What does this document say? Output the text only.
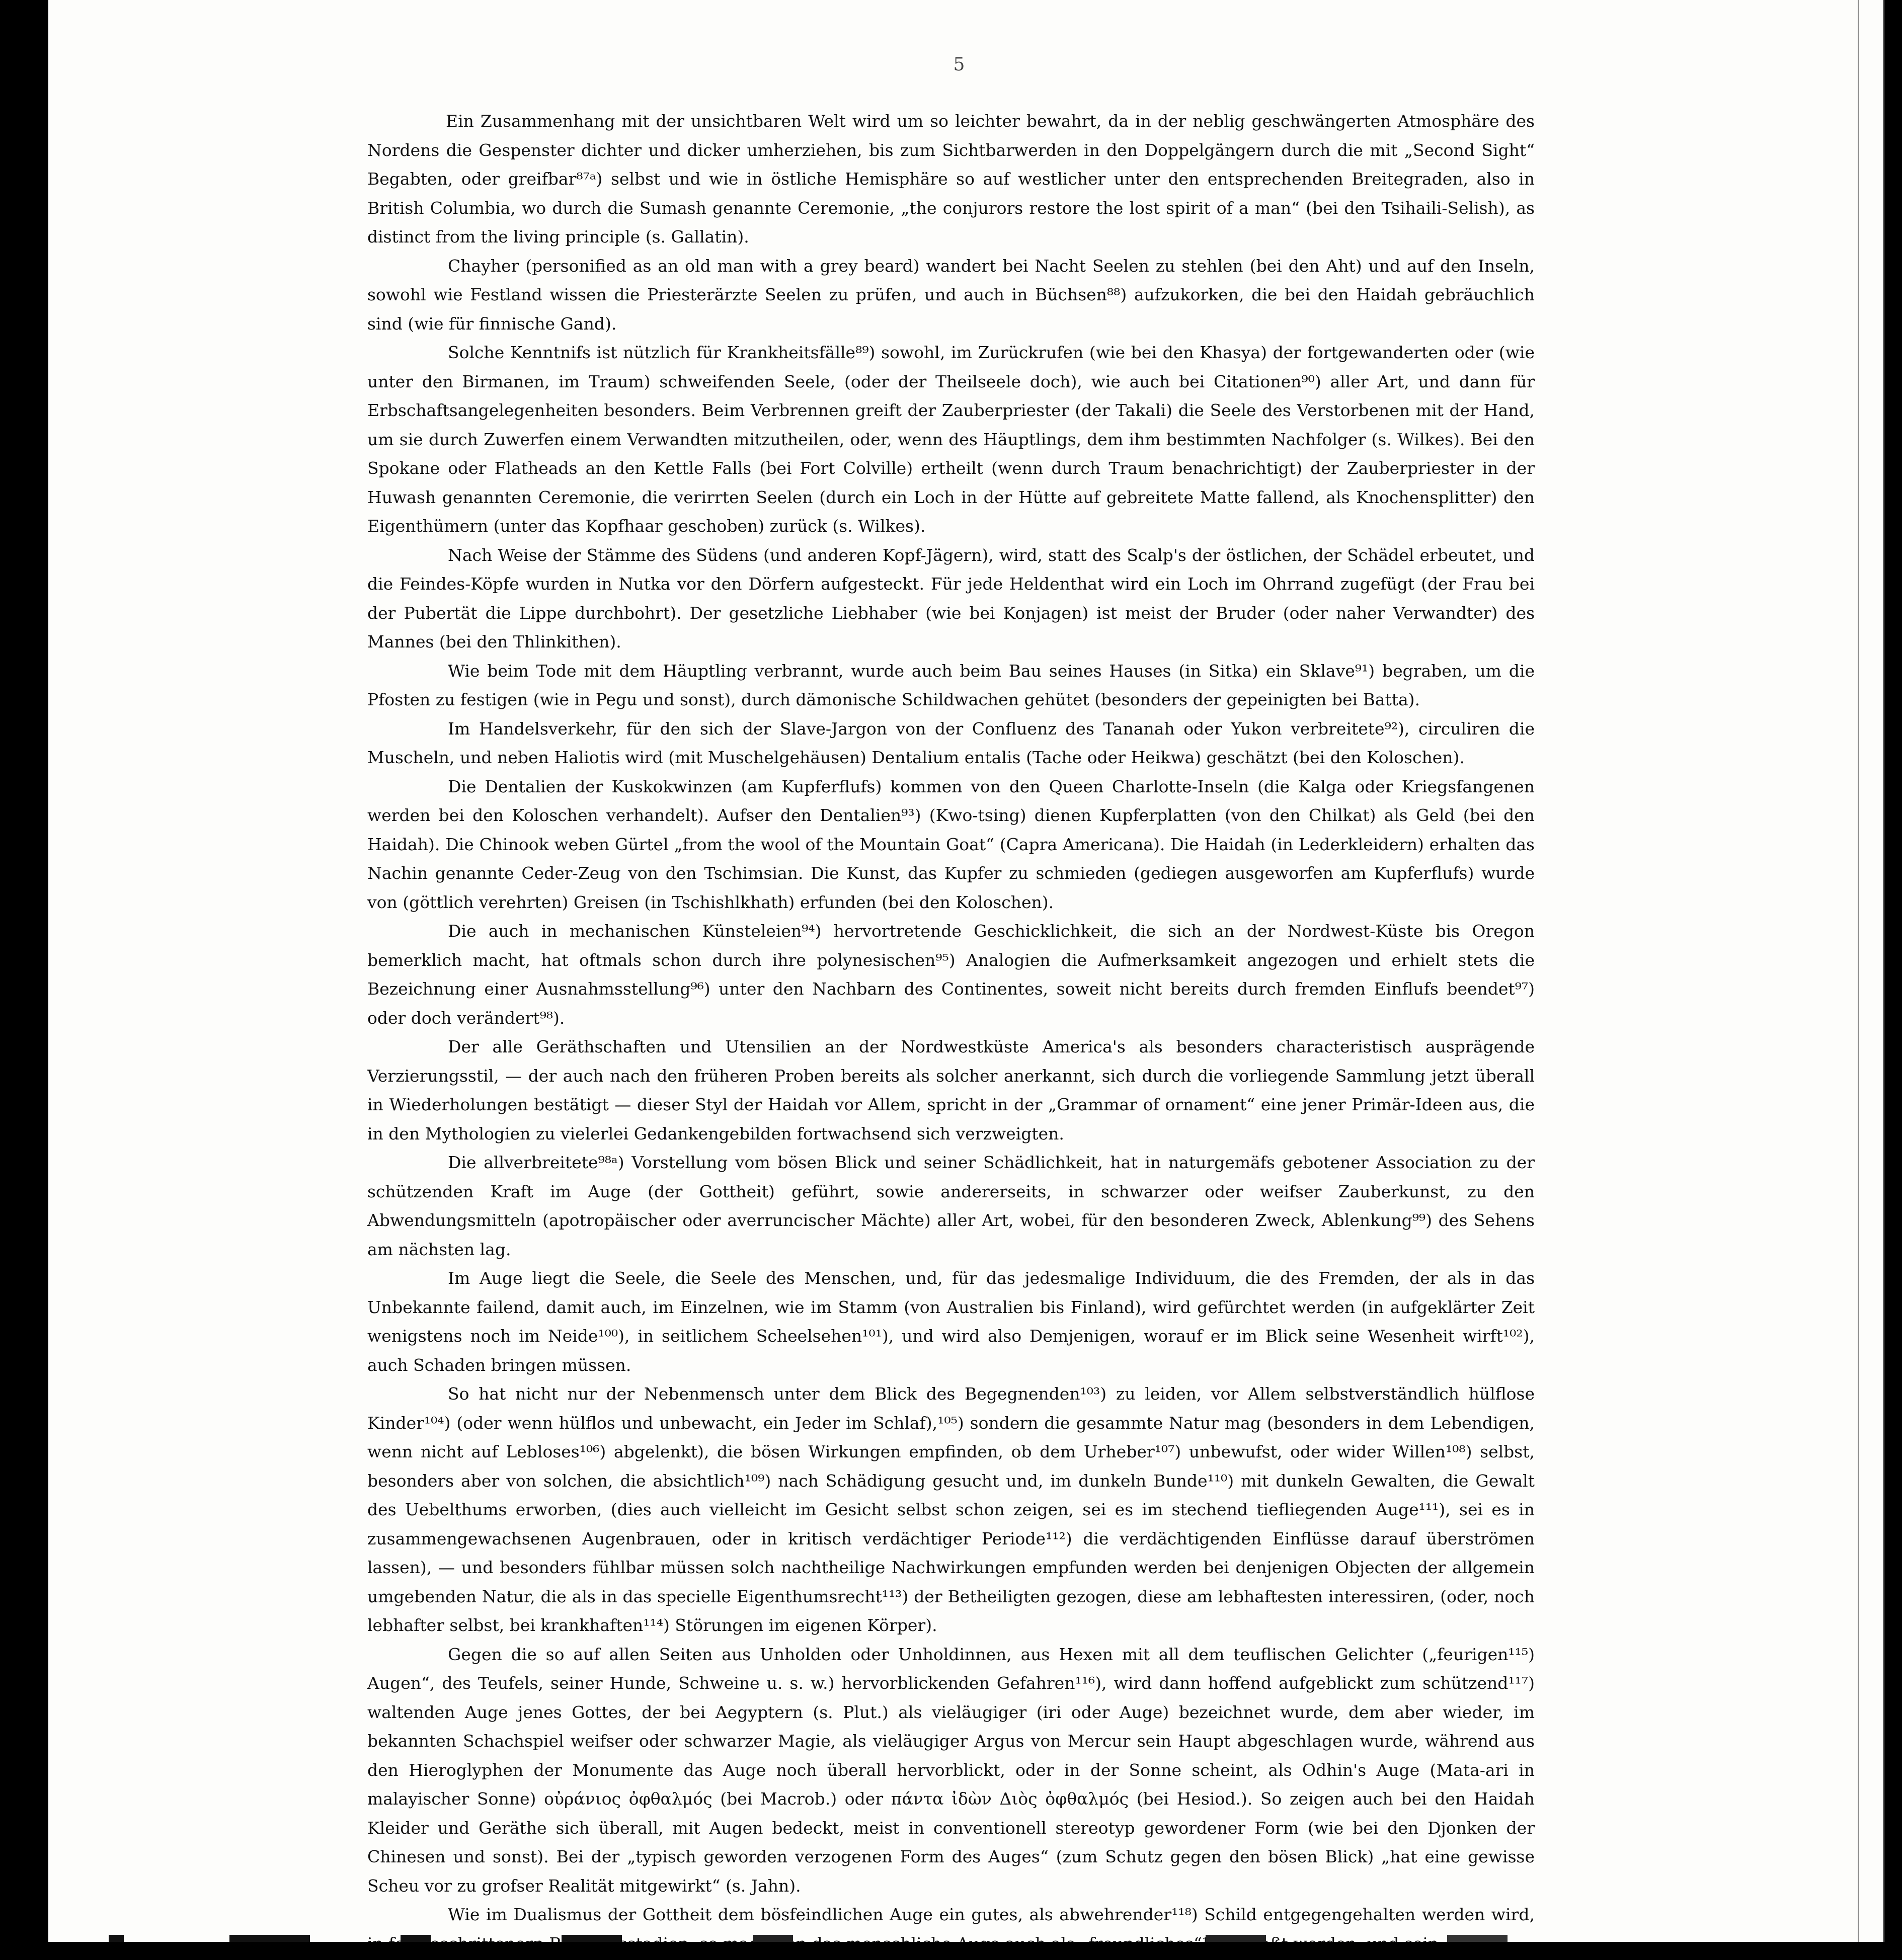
5

Ein Zusammenhang mit der unsichtbaren Welt wird um so leichter bewahrt, da in der neblig geschwängerten Atmosphäre des Nordens die Gespenster dichter und dicker umherziehen, bis zum Sichtbarwerden in den Doppelgängern durch die mit „Second Sight“ Begabten, oder greifbar⁸⁷ᵃ) selbst und wie in östliche Hemisphäre so auf westlicher unter den entsprechenden Breitegraden, also in British Columbia, wo durch die Sumash genannte Ceremonie, „the conjurors restore the lost spirit of a man“ (bei den Tsihaili-Selish), as distinct from the living principle (s. Gallatin).

Chayher (personified as an old man with a grey beard) wandert bei Nacht Seelen zu stehlen (bei den Aht) und auf den Inseln, sowohl wie Festland wissen die Priesterärzte Seelen zu prüfen, und auch in Büchsen⁸⁸) aufzukorken, die bei den Haidah gebräuchlich sind (wie für finnische Gand).

Solche Kenntnifs ist nützlich für Krankheitsfälle⁸⁹) sowohl, im Zurückrufen (wie bei den Khasya) der fortgewanderten oder (wie unter den Birmanen, im Traum) schweifenden Seele, (oder der Theilseele doch), wie auch bei Citationen⁹⁰) aller Art, und dann für Erbschaftsangelegenheiten besonders. Beim Verbrennen greift der Zauberpriester (der Takali) die Seele des Verstorbenen mit der Hand, um sie durch Zuwerfen einem Verwandten mitzutheilen, oder, wenn des Häuptlings, dem ihm bestimmten Nachfolger (s. Wilkes). Bei den Spokane oder Flatheads an den Kettle Falls (bei Fort Colville) ertheilt (wenn durch Traum benachrichtigt) der Zauberpriester in der Huwash genannten Ceremonie, die verirrten Seelen (durch ein Loch in der Hütte auf gebreitete Matte fallend, als Knochensplitter) den Eigenthümern (unter das Kopfhaar geschoben) zurück (s. Wilkes).

Nach Weise der Stämme des Südens (und anderen Kopf-Jägern), wird, statt des Scalp's der östlichen, der Schädel erbeutet, und die Feindes-Köpfe wurden in Nutka vor den Dörfern aufgesteckt. Für jede Heldenthat wird ein Loch im Ohrrand zugefügt (der Frau bei der Pubertät die Lippe durchbohrt). Der gesetzliche Liebhaber (wie bei Konjagen) ist meist der Bruder (oder naher Verwandter) des Mannes (bei den Thlinkithen).

Wie beim Tode mit dem Häuptling verbrannt, wurde auch beim Bau seines Hauses (in Sitka) ein Sklave⁹¹) begraben, um die Pfosten zu festigen (wie in Pegu und sonst), durch dämonische Schildwachen gehütet (besonders der gepeinigten bei Batta).

Im Handelsverkehr, für den sich der Slave-Jargon von der Confluenz des Tananah oder Yukon verbreitete⁹²), circuliren die Muscheln, und neben Haliotis wird (mit Muschelgehäusen) Dentalium entalis (Tache oder Heikwa) geschätzt (bei den Koloschen).

Die Dentalien der Kuskokwinzen (am Kupferflufs) kommen von den Queen Charlotte-Inseln (die Kalga oder Kriegsfangenen werden bei den Koloschen verhandelt). Aufser den Dentalien⁹³) (Kwo-tsing) dienen Kupferplatten (von den Chilkat) als Geld (bei den Haidah). Die Chinook weben Gürtel „from the wool of the Mountain Goat“ (Capra Americana). Die Haidah (in Lederkleidern) erhalten das Nachin genannte Ceder-Zeug von den Tschimsian. Die Kunst, das Kupfer zu schmieden (gediegen ausgeworfen am Kupferflufs) wurde von (göttlich verehrten) Greisen (in Tschishlkhath) erfunden (bei den Koloschen).

Die auch in mechanischen Künsteleien⁹⁴) hervortretende Geschicklichkeit, die sich an der Nordwest-Küste bis Oregon bemerklich macht, hat oftmals schon durch ihre polynesischen⁹⁵) Analogien die Aufmerksamkeit angezogen und erhielt stets die Bezeichnung einer Ausnahmsstellung⁹⁶) unter den Nachbarn des Continentes, soweit nicht bereits durch fremden Einflufs beendet⁹⁷) oder doch verändert⁹⁸).

Der alle Geräthschaften und Utensilien an der Nordwestküste America's als besonders characteristisch ausprägende Verzierungsstil, — der auch nach den früheren Proben bereits als solcher anerkannt, sich durch die vorliegende Sammlung jetzt überall in Wiederholungen bestätigt — dieser Styl der Haidah vor Allem, spricht in der „Grammar of ornament“ eine jener Primär-Ideen aus, die in den Mythologien zu vielerlei Gedankengebilden fortwachsend sich verzweigten.

Die allverbreitete⁹⁸ᵃ) Vorstellung vom bösen Blick und seiner Schädlichkeit, hat in naturgemäfs gebotener Association zu der schützenden Kraft im Auge (der Gottheit) geführt, sowie andererseits, in schwarzer oder weifser Zauberkunst, zu den Abwendungsmitteln (apotropäischer oder averruncischer Mächte) aller Art, wobei, für den besonderen Zweck, Ablenkung⁹⁹) des Sehens am nächsten lag.

Im Auge liegt die Seele, die Seele des Menschen, und, für das jedesmalige Individuum, die des Fremden, der als in das Unbekannte failend, damit auch, im Einzelnen, wie im Stamm (von Australien bis Finland), wird gefürchtet werden (in aufgeklärter Zeit wenigstens noch im Neide¹⁰⁰), in seitlichem Scheelsehen¹⁰¹), und wird also Demjenigen, worauf er im Blick seine Wesenheit wirft¹⁰²), auch Schaden bringen müssen.

So hat nicht nur der Nebenmensch unter dem Blick des Begegnenden¹⁰³) zu leiden, vor Allem selbstverständlich hülflose Kinder¹⁰⁴) (oder wenn hülflos und unbewacht, ein Jeder im Schlaf),¹⁰⁵) sondern die gesammte Natur mag (besonders in dem Lebendigen, wenn nicht auf Lebloses¹⁰⁶) abgelenkt), die bösen Wirkungen empfinden, ob dem Urheber¹⁰⁷) unbewufst, oder wider Willen¹⁰⁸) selbst, besonders aber von solchen, die absichtlich¹⁰⁹) nach Schädigung gesucht und, im dunkeln Bunde¹¹⁰) mit dunkeln Gewalten, die Gewalt des Uebelthums erworben, (dies auch vielleicht im Gesicht selbst schon zeigen, sei es im stechend tiefliegenden Auge¹¹¹), sei es in zusammengewachsenen Augenbrauen, oder in kritisch verdächtiger Periode¹¹²) die verdächtigenden Einflüsse darauf überströmen lassen), — und besonders fühlbar müssen solch nachtheilige Nachwirkungen empfunden werden bei denjenigen Objecten der allgemein umgebenden Natur, die als in das specielle Eigenthumsrecht¹¹³) der Betheiligten gezogen, diese am lebhaftesten interessiren, (oder, noch lebhafter selbst, bei krankhaften¹¹⁴) Störungen im eigenen Körper).

Gegen die so auf allen Seiten aus Unholden oder Unholdinnen, aus Hexen mit all dem teuflischen Gelichter („feurigen¹¹⁵) Augen“, des Teufels, seiner Hunde, Schweine u. s. w.) hervorblickenden Gefahren¹¹⁶), wird dann hoffend aufgeblickt zum schützend¹¹⁷) waltenden Auge jenes Gottes, der bei Aegyptern (s. Plut.) als vieläugiger (iri oder Auge) bezeichnet wurde, dem aber wieder, im bekannten Schachspiel weifser oder schwarzer Magie, als vieläugiger Argus von Mercur sein Haupt abgeschlagen wurde, während aus den Hieroglyphen der Monumente das Auge noch überall hervorblickt, oder in der Sonne scheint, als Odhin's Auge (Mata-ari in malayischer Sonne) οὐράνιος ὀφθαλμός (bei Macrob.) oder πάντα ἰδὼν Διὸς ὀφθαλμός (bei Hesiod.). So zeigen auch bei den Haidah Kleider und Geräthe sich überall, mit Augen bedeckt, meist in conventionell stereotyp gewordener Form (wie bei den Djonken der Chinesen und sonst). Bei der „typisch geworden verzogenen Form des Auges“ (zum Schutz gegen den bösen Blick) „hat eine gewisse Scheu vor zu grofser Realität mitgewirkt“ (s. Jahn).

Wie im Dualismus der Gottheit dem bösfeindlichen Auge ein gutes, als abwehrender¹¹⁸) Schild entgegengehalten werden wird,
